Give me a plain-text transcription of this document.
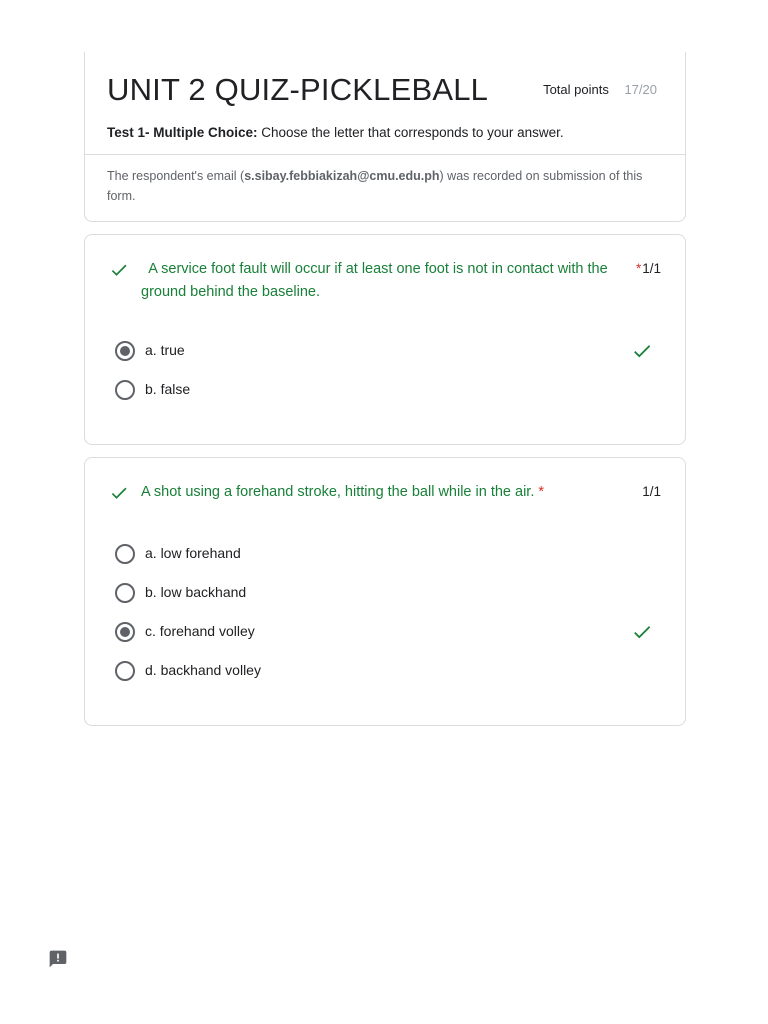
UNIT 2 QUIZ-PICKLEBALL	Total points 17/20
Test 1- Multiple Choice: Choose the letter that corresponds to your answer.
The respondent's email (s.sibay.febbiakizah@cmu.edu.ph) was recorded on submission of this form.
A service foot fault will occur if at least one foot is not in contact with the ground behind the baseline.
*1/1
a. true
b. false
A shot using a forehand stroke, hitting the ball while in the air. *	1/1
a. low forehand
b. low backhand
c. forehand volley
d. backhand volley
